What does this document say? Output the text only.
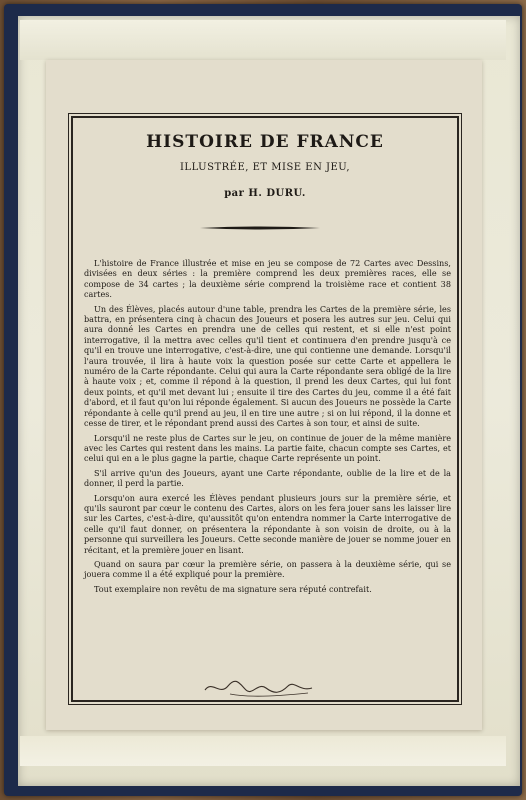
HISTOIRE DE FRANCE

ILLUSTRÉE, ET MISE EN JEU,

par H. DURU.

L'histoire de France illustrée et mise en jeu se compose de 72 Cartes avec Dessins, divisées en deux séries : la première comprend les deux premières races, elle se compose de 34 cartes ; la deuxième série comprend la troisième race et contient 38 cartes.

Un des Élèves, placés autour d'une table, prendra les Cartes de la première série, les battra, en présentera cinq à chacun des Joueurs et posera les autres sur jeu. Celui qui aura donné les Cartes en prendra une de celles qui restent, et si elle n'est point interrogative, il la mettra avec celles qu'il tient et continuera d'en prendre jusqu'à ce qu'il en trouve une interrogative, c'est-à-dire, une qui contienne une demande. Lorsqu'il l'aura trouvée, il lira à haute voix la question posée sur cette Carte et appellera le numéro de la Carte répondante. Celui qui aura la Carte répondante sera obligé de la lire à haute voix ; et, comme il répond à la question, il prend les deux Cartes, qui lui font deux points, et qu'il met devant lui ; ensuite il tire des Cartes du jeu, comme il a été fait d'abord, et il faut qu'on lui réponde également. Si aucun des Joueurs ne possède la Carte répondante à celle qu'il prend au jeu, il en tire une autre ; si on lui répond, il la donne et cesse de tirer, et le répondant prend aussi des Cartes à son tour, et ainsi de suite.

Lorsqu'il ne reste plus de Cartes sur le jeu, on continue de jouer de la même manière avec les Cartes qui restent dans les mains. La partie faite, chacun compte ses Cartes, et celui qui en a le plus gagne la partie, chaque Carte représente un point.

S'il arrive qu'un des Joueurs, ayant une Carte répondante, oublie de la lire et de la donner, il perd la partie.

Lorsqu'on aura exercé les Élèves pendant plusieurs jours sur la première série, et qu'ils sauront par cœur le contenu des Cartes, alors on les fera jouer sans les laisser lire sur les Cartes, c'est-à-dire, qu'aussitôt qu'on entendra nommer la Carte interrogative de celle qu'il faut donner, on présentera la répondante à son voisin de droite, ou à la personne qui surveillera les Joueurs. Cette seconde manière de jouer se nomme jouer en récitant, et la première jouer en lisant.

Quand on saura par cœur la première série, on passera à la deuxième série, qui se jouera comme il a été expliqué pour la première.

Tout exemplaire non revêtu de ma signature sera réputé contrefait.
